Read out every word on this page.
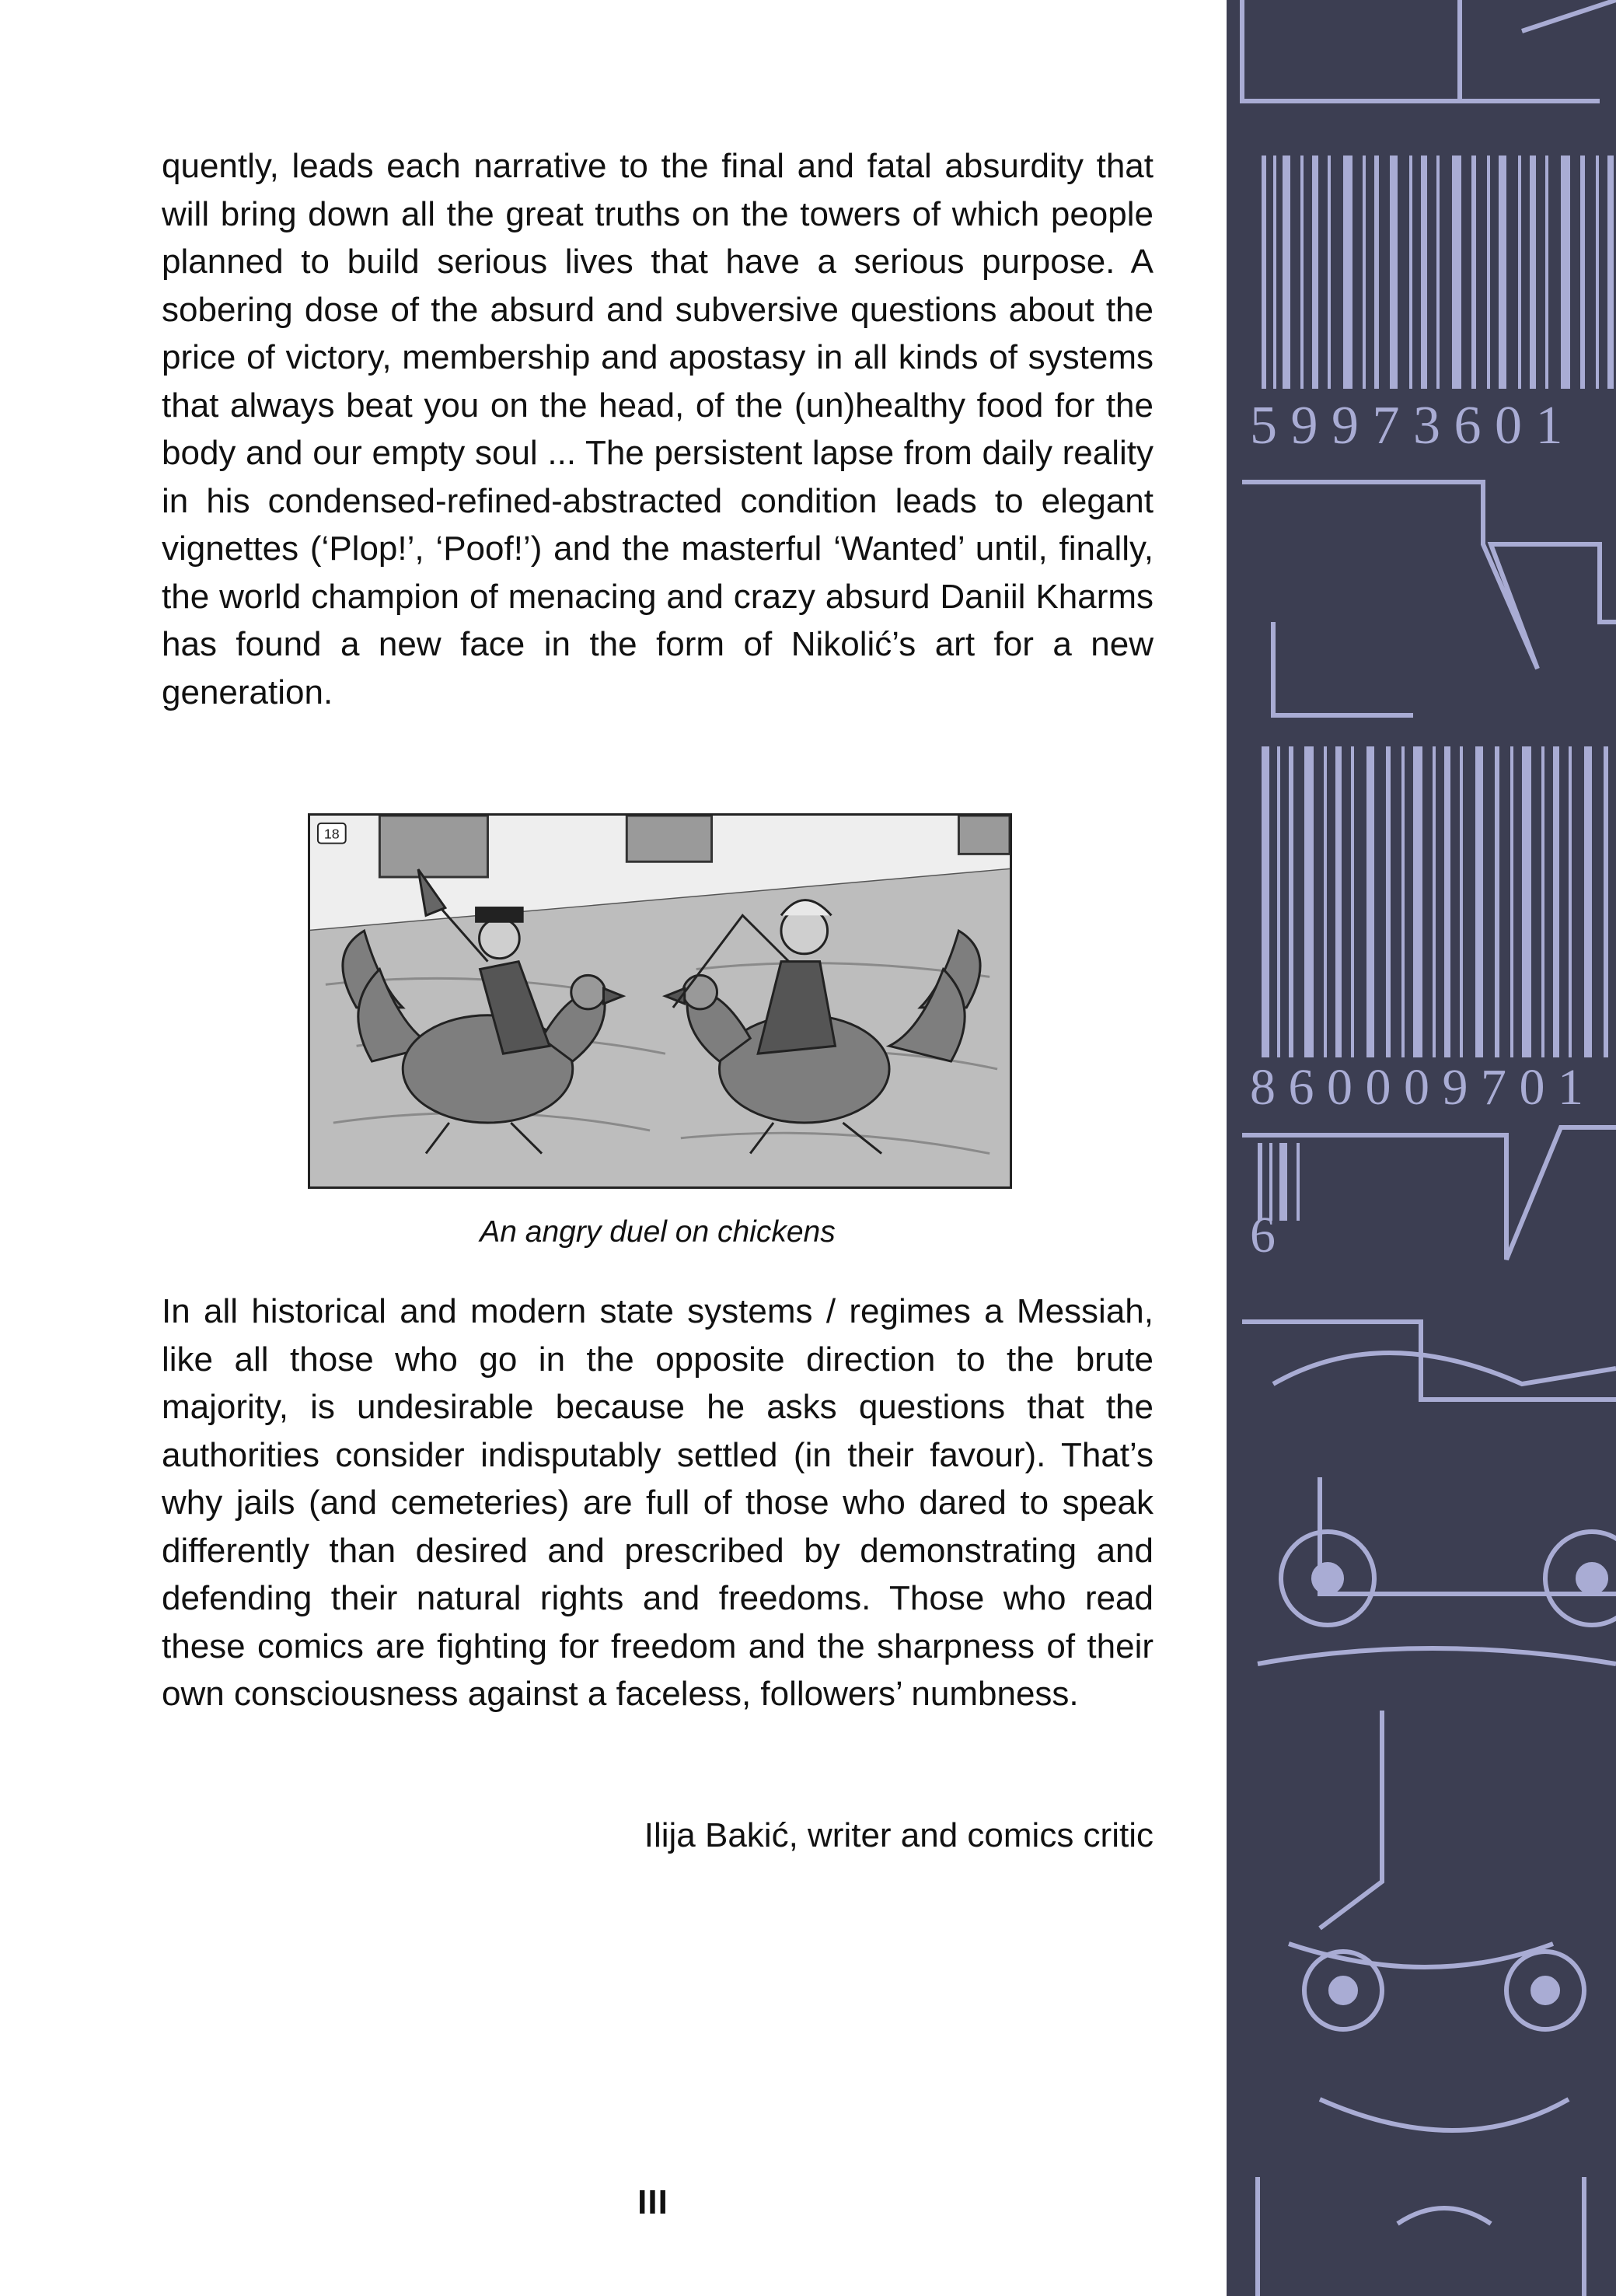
quently, leads each narrative to the final and fatal absurdity that will bring down all the great truths on the towers of which people planned to build serious lives that have a serious purpose. A sobering dose of the absurd and subversive questions about the price of victory, membership and apostasy in all kinds of systems that always beat you on the head, of the (un)healthy food for the body and our empty soul ... The persistent lapse from daily reality in his condensed-refined-abstracted condition leads to elegant vignettes (‘Plop!’, ‘Poof!’) and the masterful ‘Wanted’ until, finally, the world champion of menacing and crazy absurd Daniil Kharms has found a new face in the form of Nikolić’s art for a new generation.
18
An angry duel on chickens
In all historical and modern state systems / regimes a Messiah, like all those who go in the opposite direction to the brute majority, is undesirable because he asks questions that the authorities consider indisputably settled (in their favour). That’s why jails (and cemeteries) are full of those who dared to speak differently than desired and prescribed by demonstrating and defending their natural rights and freedoms. Those who read these comics are fighting for freedom and the sharpness of their own consciousness against a faceless, followers’ numbness.
Ilija Bakić, writer and comics critic
III
5 9 9 7 3 6 0 1
8 6 0 0 0 9 7 0 1
6
